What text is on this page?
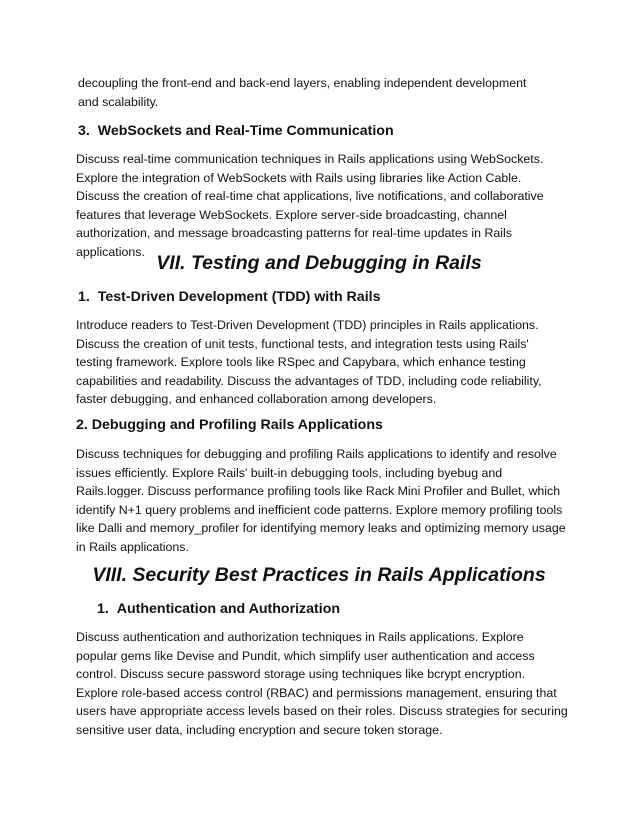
decoupling the front-end and back-end layers, enabling independent development and scalability.

3. WebSockets and Real-Time Communication

Discuss real-time communication techniques in Rails applications using WebSockets. Explore the integration of WebSockets with Rails using libraries like Action Cable. Discuss the creation of real-time chat applications, live notifications, and collaborative features that leverage WebSockets. Explore server-side broadcasting, channel authorization, and message broadcasting patterns for real-time updates in Rails applications.

VII. Testing and Debugging in Rails

1. Test-Driven Development (TDD) with Rails

Introduce readers to Test-Driven Development (TDD) principles in Rails applications. Discuss the creation of unit tests, functional tests, and integration tests using Rails' testing framework. Explore tools like RSpec and Capybara, which enhance testing capabilities and readability. Discuss the advantages of TDD, including code reliability, faster debugging, and enhanced collaboration among developers.

2. Debugging and Profiling Rails Applications

Discuss techniques for debugging and profiling Rails applications to identify and resolve issues efficiently. Explore Rails' built-in debugging tools, including byebug and Rails.logger. Discuss performance profiling tools like Rack Mini Profiler and Bullet, which identify N+1 query problems and inefficient code patterns. Explore memory profiling tools like Dalli and memory_profiler for identifying memory leaks and optimizing memory usage in Rails applications.

VIII. Security Best Practices in Rails Applications

1. Authentication and Authorization

Discuss authentication and authorization techniques in Rails applications. Explore popular gems like Devise and Pundit, which simplify user authentication and access control. Discuss secure password storage using techniques like bcrypt encryption. Explore role-based access control (RBAC) and permissions management, ensuring that users have appropriate access levels based on their roles. Discuss strategies for securing sensitive user data, including encryption and secure token storage.
